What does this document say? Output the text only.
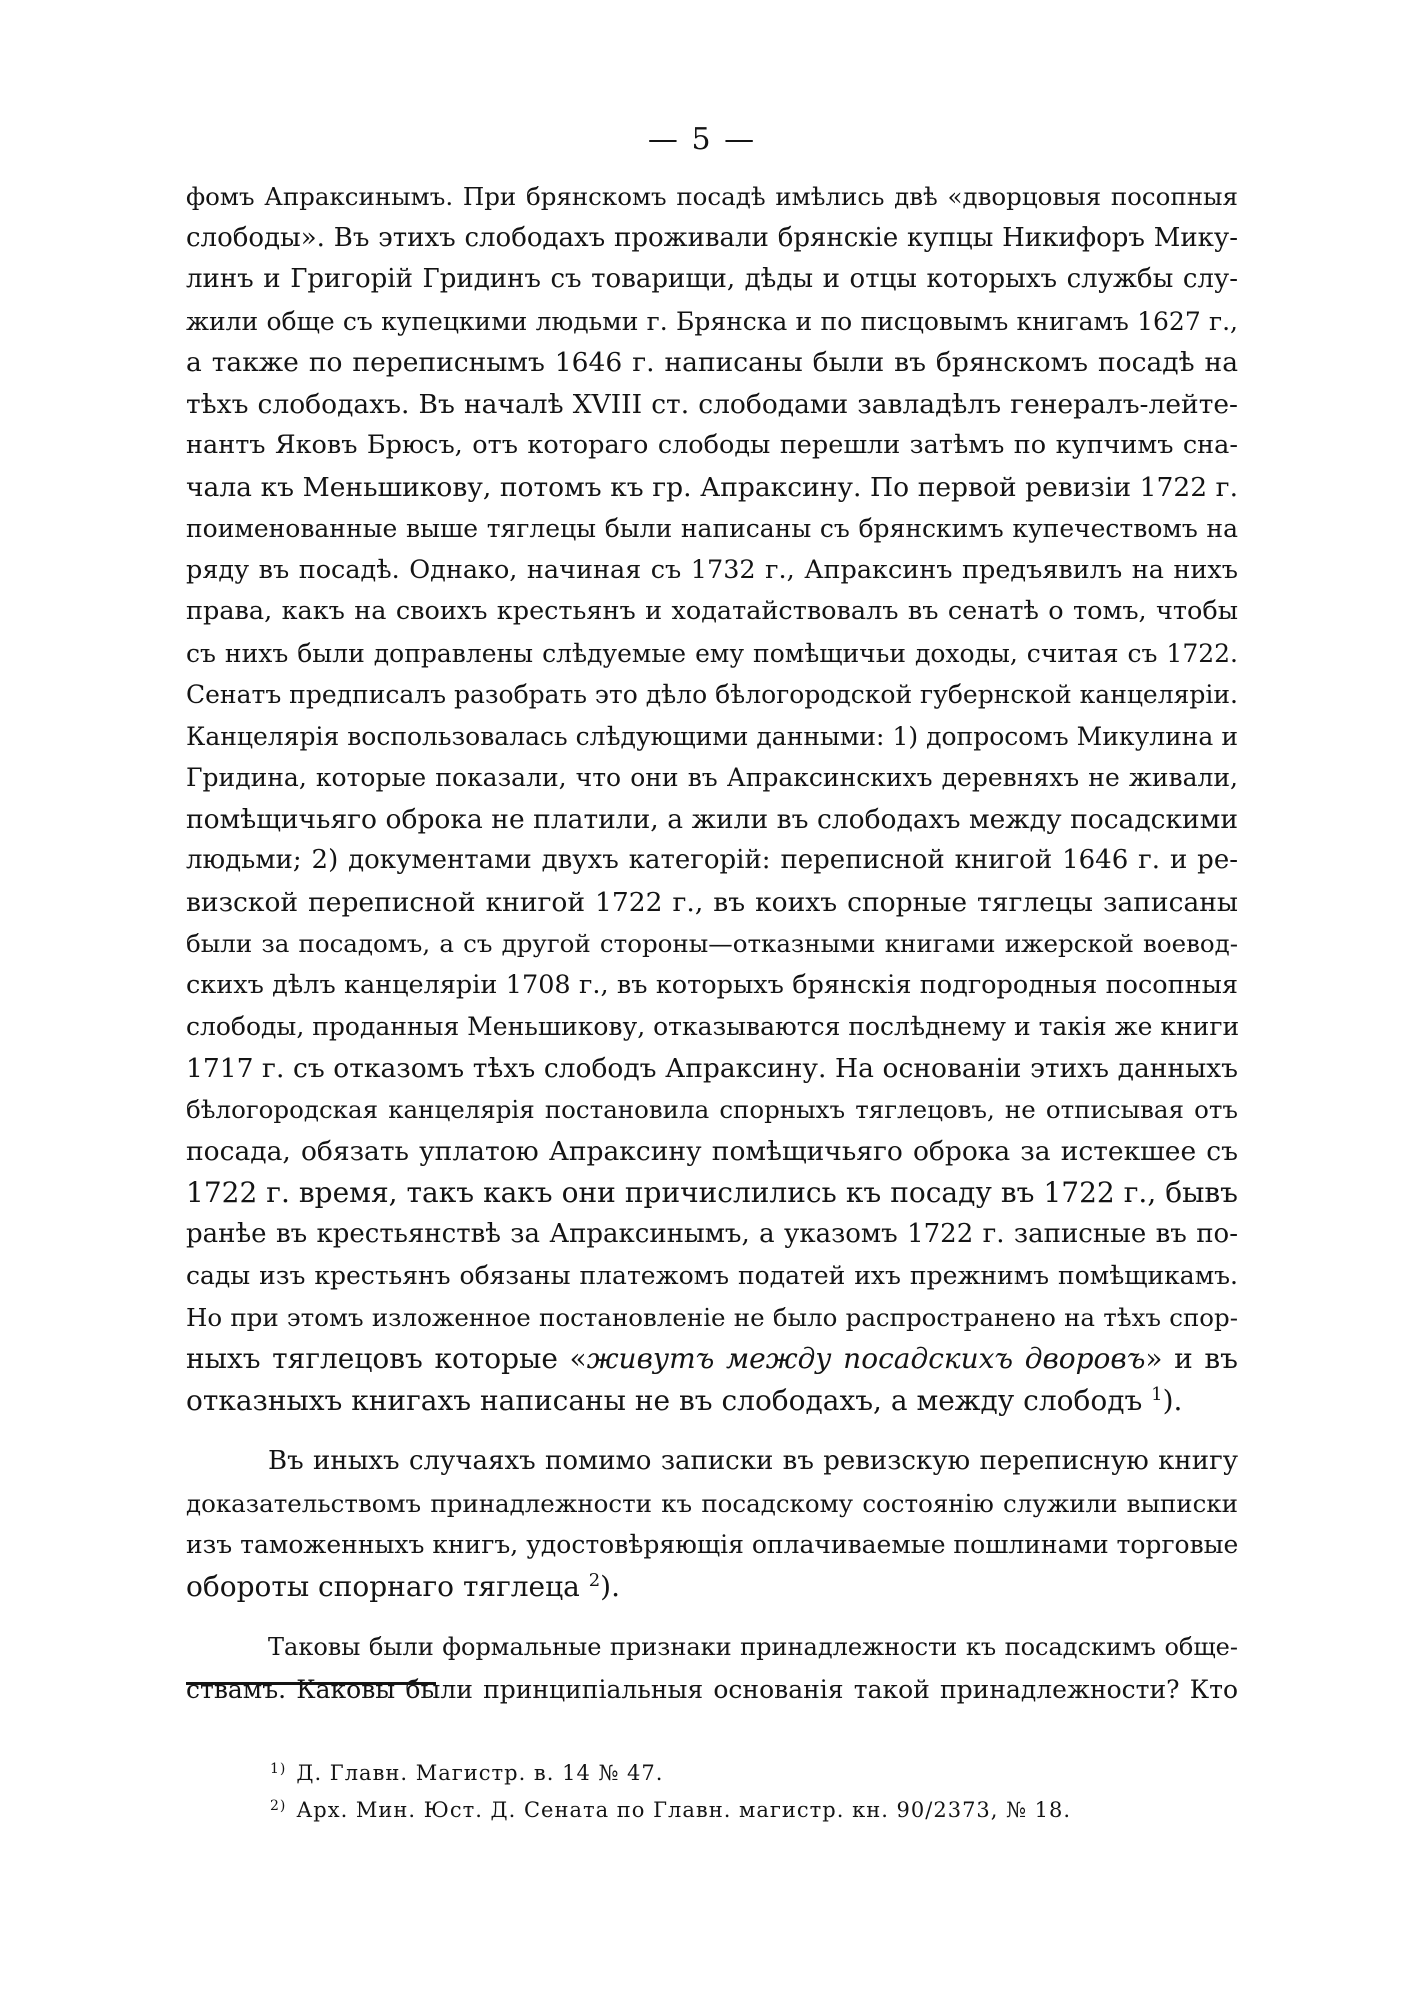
— 5 —
фомъ Апраксинымъ. При брянскомъ посадѣ имѣлись двѣ «дворцовыя посопныя
слободы». Въ этихъ слободахъ проживали брянскіе купцы Никифоръ Мику-
линъ и Григорій Гридинъ съ товарищи, дѣды и отцы которыхъ службы слу-
жили обще съ купецкими людьми г. Брянска и по писцовымъ книгамъ 1627 г.,
а также по переписнымъ 1646 г. написаны были въ брянскомъ посадѣ на
тѣхъ слободахъ. Въ началѣ XVIII ст. слободами завладѣлъ генералъ-лейте-
нантъ Яковъ Брюсъ, отъ котораго слободы перешли затѣмъ по купчимъ сна-
чала къ Меньшикову, потомъ къ гр. Апраксину. По первой ревизіи 1722 г.
поименованные выше тяглецы были написаны съ брянскимъ купечествомъ на
ряду въ посадѣ. Однако, начиная съ 1732 г., Апраксинъ предъявилъ на нихъ
права, какъ на своихъ крестьянъ и ходатайствовалъ въ сенатѣ о томъ, чтобы
съ нихъ были доправлены слѣдуемые ему помѣщичьи доходы, считая съ 1722.
Сенатъ предписалъ разобрать это дѣло бѣлогородской губернской канцеляріи.
Канцелярія воспользовалась слѣдующими данными: 1) допросомъ Микулина и
Гридина, которые показали, что они въ Апраксинскихъ деревняхъ не живали,
помѣщичьяго оброка не платили, а жили въ слободахъ между посадскими
людьми; 2) документами двухъ категорій: переписной книгой 1646 г. и ре-
визской переписной книгой 1722 г., въ коихъ спорные тяглецы записаны
были за посадомъ, а съ другой стороны—отказными книгами ижерской воевод-
скихъ дѣлъ канцеляріи 1708 г., въ которыхъ брянскія подгородныя посопныя
слободы, проданныя Меньшикову, отказываются послѣднему и такія же книги
1717 г. съ отказомъ тѣхъ слободъ Апраксину. На основаніи этихъ данныхъ
бѣлогородская канцелярія постановила спорныхъ тяглецовъ, не отписывая отъ
посада, обязать уплатою Апраксину помѣщичьяго оброка за истекшее съ
1722 г. время, такъ какъ они причислились къ посаду въ 1722 г., бывъ
ранѣе въ крестьянствѣ за Апраксинымъ, а указомъ 1722 г. записные въ по-
сады изъ крестьянъ обязаны платежомъ податей ихъ прежнимъ помѣщикамъ.
Но при этомъ изложенное постановленіе не было распространено на тѣхъ спор-
ныхъ тяглецовъ которые «живутъ между посадскихъ дворовъ» и въ
отказныхъ книгахъ написаны не въ слободахъ, а между слободъ $^1$).
Въ иныхъ случаяхъ помимо записки въ ревизскую переписную книгу
доказательствомъ принадлежности къ посадскому состоянію служили выписки
изъ таможенныхъ книгъ, удостовѣряющія оплачиваемые пошлинами торговые
обороты спорнаго тяглеца $^2$).
Таковы были формальные признаки принадлежности къ посадскимъ обще-
ствамъ. Каковы были принципіальныя основанія такой принадлежности? Кто
$^{1)}$ Д. Главн. Магистр. в. 14 № 47.
$^{2)}$ Арх. Мин. Юст. Д. Сената по Главн. магистр. кн. 90/2373, № 18.
